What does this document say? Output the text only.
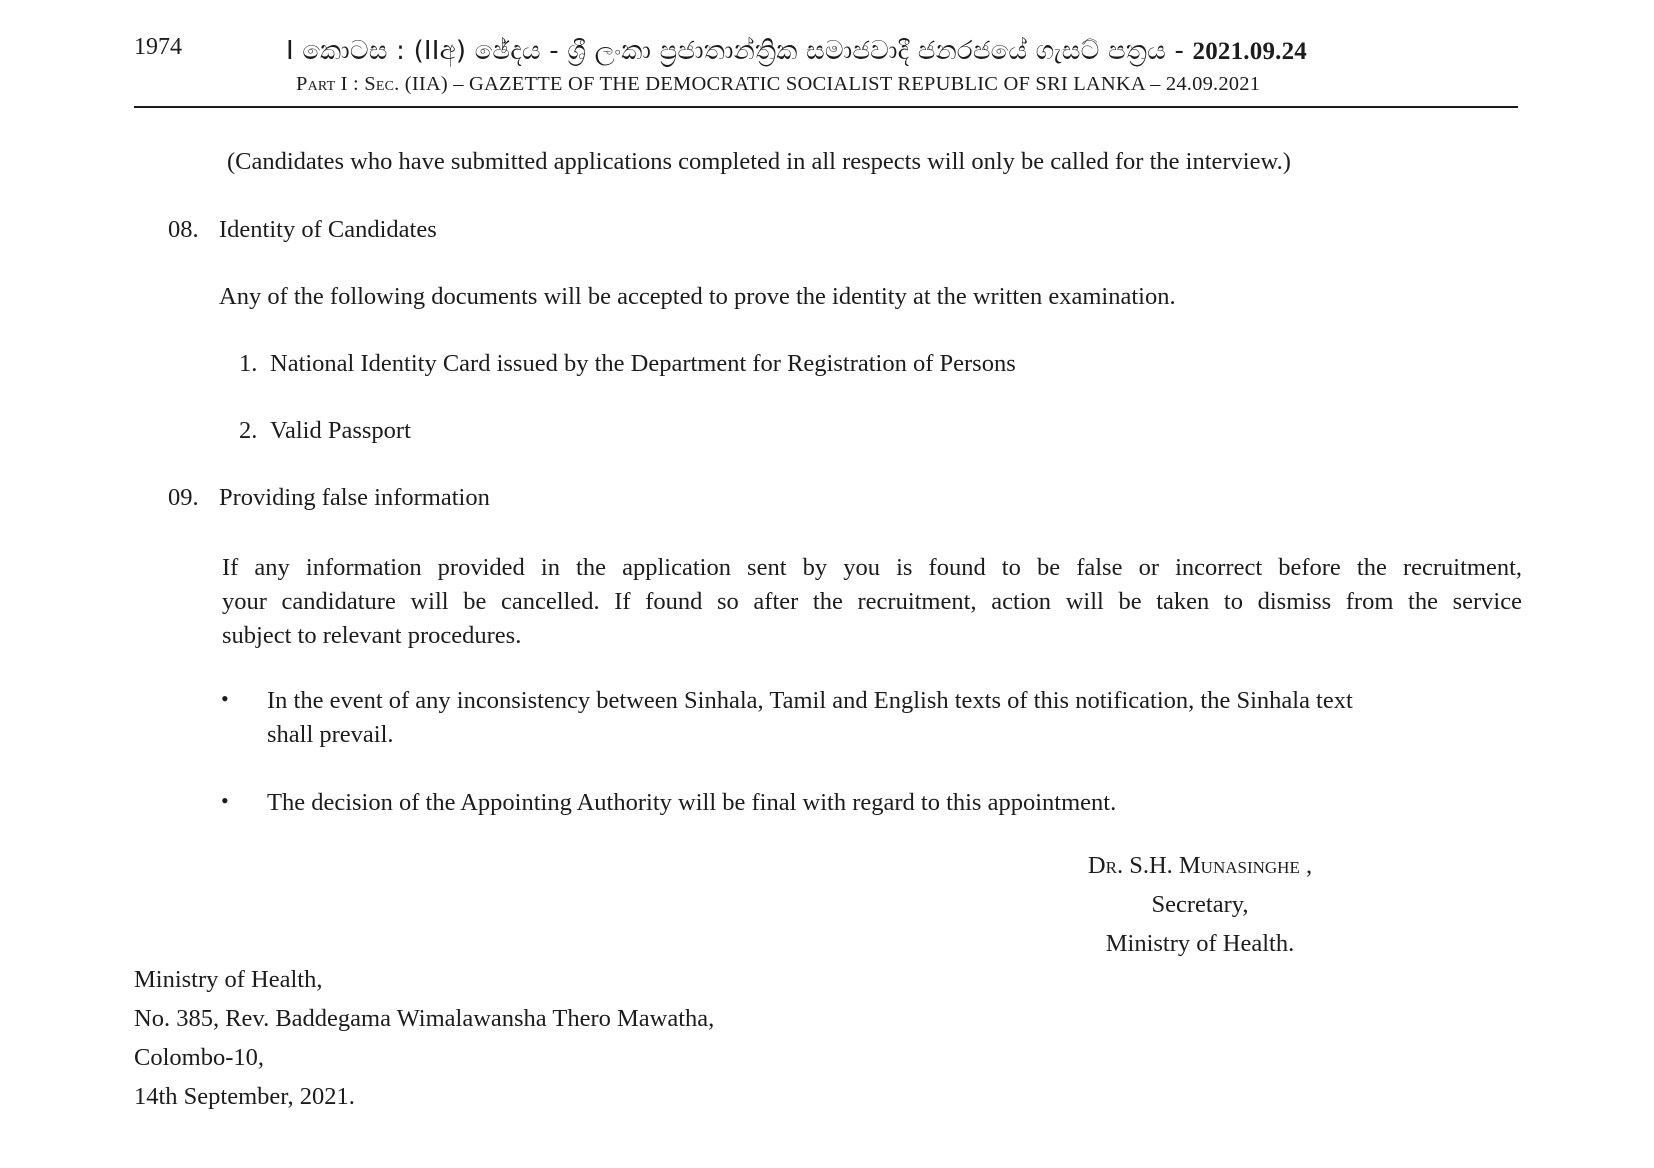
1974	I කොටස : (IIඅ) ඡේදය - ශ්‍රී ලංකා ප්‍රජාතාන්ත්‍රික සමාජවාදී ජනරජයේ ගැසට් පත්‍රය - 2021.09.24
Part I : Sec. (IIA) – GAZETTE OF THE DEMOCRATIC SOCIALIST REPUBLIC OF SRI LANKA – 24.09.2021
(Candidates who have submitted applications completed in all respects will only be called for the interview.)
08. Identity of Candidates
Any of the following documents will be accepted to prove the identity at the written examination.
1. National Identity Card issued by the Department for Registration of Persons
2. Valid Passport
09. Providing false information
If any information provided in the application sent by you is found to be false or incorrect before the recruitment,
your candidature will be cancelled. If found so after the recruitment, action will be taken to dismiss from the service
subject to relevant procedures.
• In the event of any inconsistency between Sinhala, Tamil and English texts of this notification, the Sinhala text
shall prevail.
• The decision of the Appointing Authority will be final with regard to this appointment.
Dr. S.H. Munasinghe ,
Secretary,
Ministry of Health.
Ministry of Health,
No. 385, Rev. Baddegama Wimalawansha Thero Mawatha,
Colombo-10,
14th September, 2021.
